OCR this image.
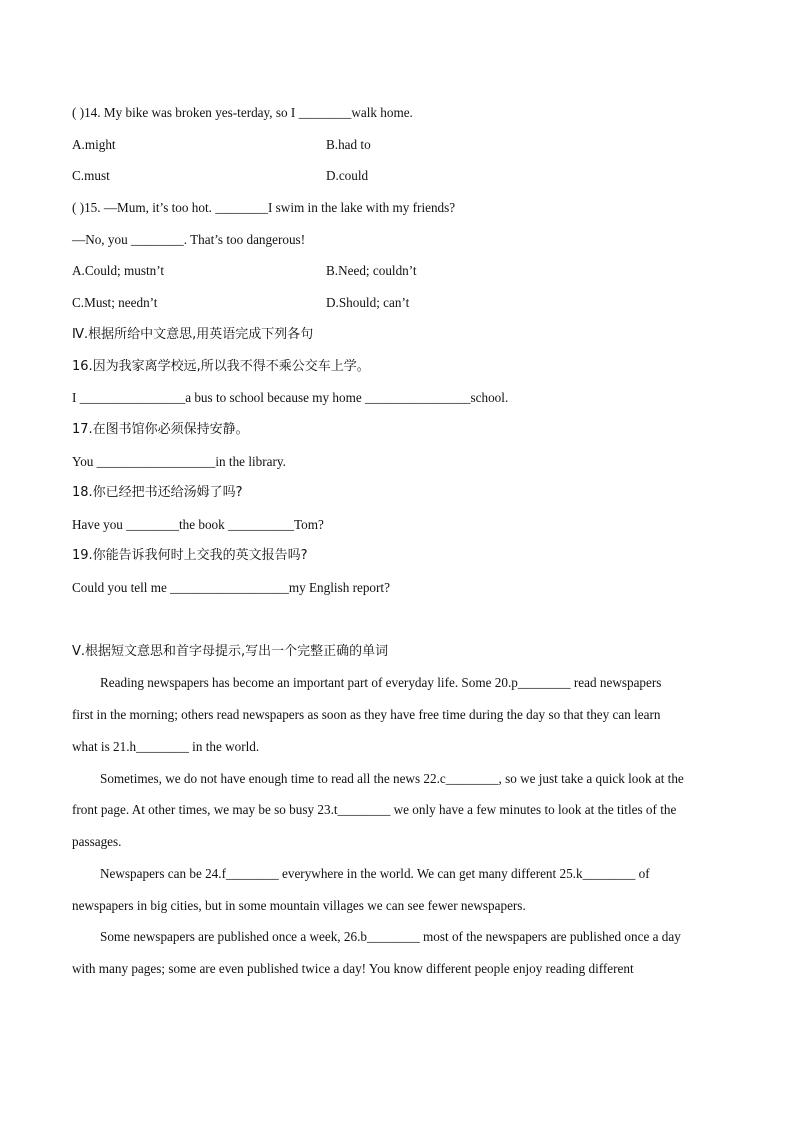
( )14. My bike was broken yes-terday, so I ________walk home.
A.might	B.had to
C.must	D.could
( )15. —Mum, it’s too hot. ________I swim in the lake with my friends?
—No, you ________. That’s too dangerous!
A.Could; mustn’t	B.Need; couldn’t
C.Must; needn’t	D.Should; can’t
Ⅳ.根据所给中文意思,用英语完成下列各句
16.因为我家离学校远,所以我不得不乘公交车上学。
I ________________a bus to school because my home ________________school.
17.在图书馆你必须保持安静。
You __________________in the library.
18.你已经把书还给汤姆了吗?
Have you ________the book __________Tom?
19.你能告诉我何时上交我的英文报告吗?
Could you tell me __________________my English report?
Ⅴ.根据短文意思和首字母提示,写出一个完整正确的单词
Reading newspapers has become an important part of everyday life. Some 20.p________ read newspapers
first in the morning; others read newspapers as soon as they have free time during the day so that they can learn
what is 21.h________ in the world.
Sometimes, we do not have enough time to read all the news 22.c________, so we just take a quick look at the
front page. At other times, we may be so busy 23.t________ we only have a few minutes to look at the titles of the
passages.
Newspapers can be 24.f________ everywhere in the world. We can get many different 25.k________ of
newspapers in big cities, but in some mountain villages we can see fewer newspapers.
Some newspapers are published once a week, 26.b________ most of the newspapers are published once a day
with many pages; some are even published twice a day! You know different people enjoy reading different
